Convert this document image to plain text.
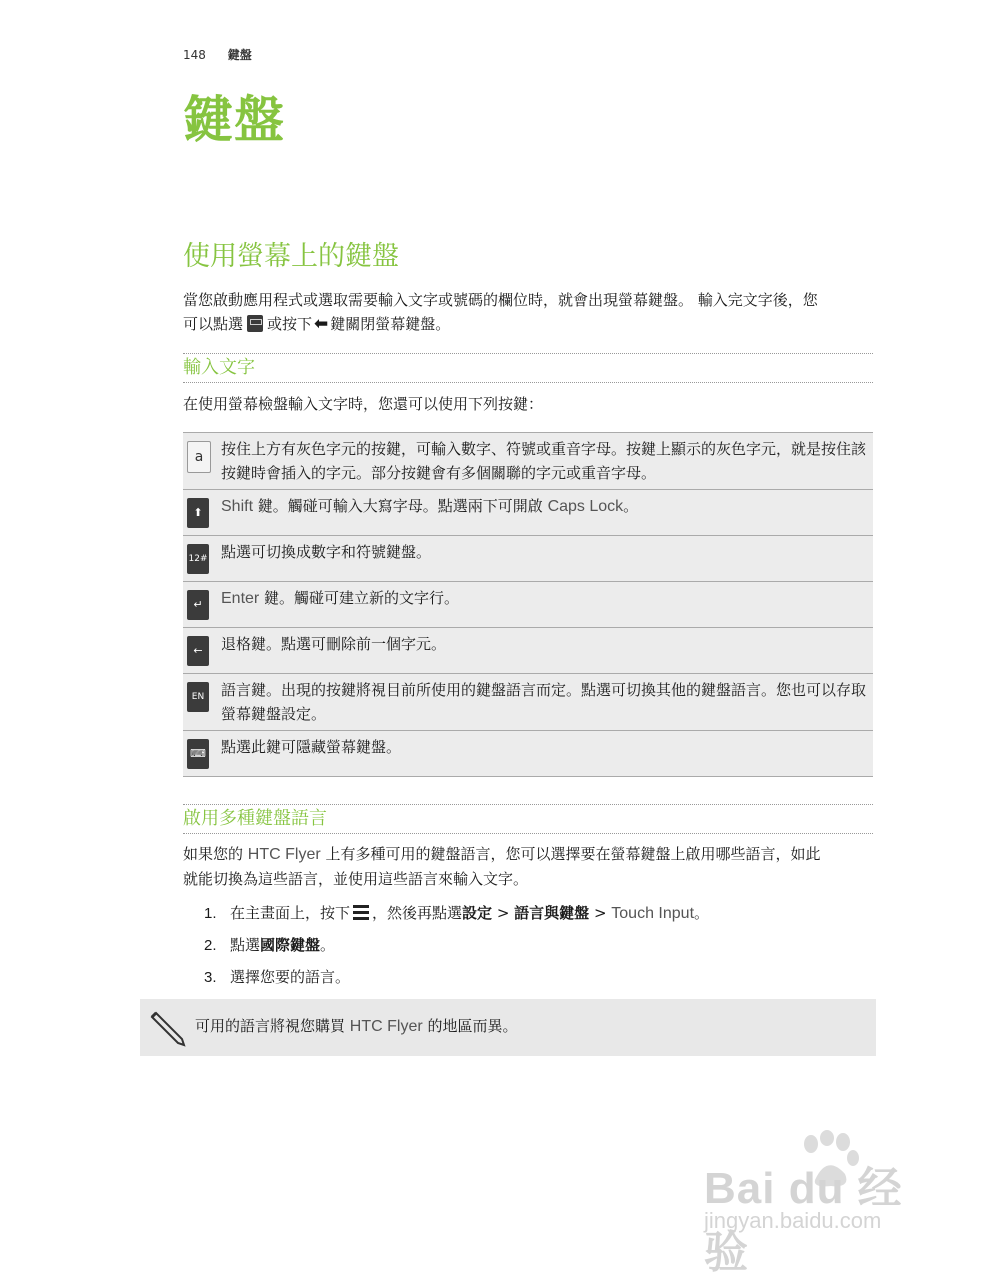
148 鍵盤
鍵盤
使用螢幕上的鍵盤
當您啟動應用程式或選取需要輸入文字或號碼的欄位時，就會出現螢幕鍵盤。 輸入完文字後，您
可以點選 或按下 ⬅ 鍵關閉螢幕鍵盤。
輸入文字
在使用螢幕檢盤輸入文字時，您還可以使用下列按鍵：
a	按住上方有灰色字元的按鍵，可輸入數字、符號或重音字母。按鍵上顯示的灰色字元，就是按住該按鍵時會插入的字元。部分按鍵會有多個關聯的字元或重音字母。
⬆	Shift 鍵。觸碰可輸入大寫字母。點選兩下可開啟 Caps Lock。
12# 點選可切換成數字和符號鍵盤。
↵	Enter 鍵。觸碰可建立新的文字行。
←	退格鍵。點選可刪除前一個字元。
EN	語言鍵。出現的按鍵將視目前所使用的鍵盤語言而定。點選可切換其他的鍵盤語言。您也可以存取螢幕鍵盤設定。
⌨ 點選此鍵可隱藏螢幕鍵盤。
啟用多種鍵盤語言
如果您的 HTC Flyer 上有多種可用的鍵盤語言，您可以選擇要在螢幕鍵盤上啟用哪些語言，如此
就能切換為這些語言，並使用這些語言來輸入文字。
1. 在主畫面上，按下 ，然後再點選設定 > 語言與鍵盤 > Touch Input。
2. 點選國際鍵盤。
3. 選擇您要的語言。
可用的語言將視您購買 HTC Flyer 的地區而異。
Bai du 经验
jingyan.baidu.com
